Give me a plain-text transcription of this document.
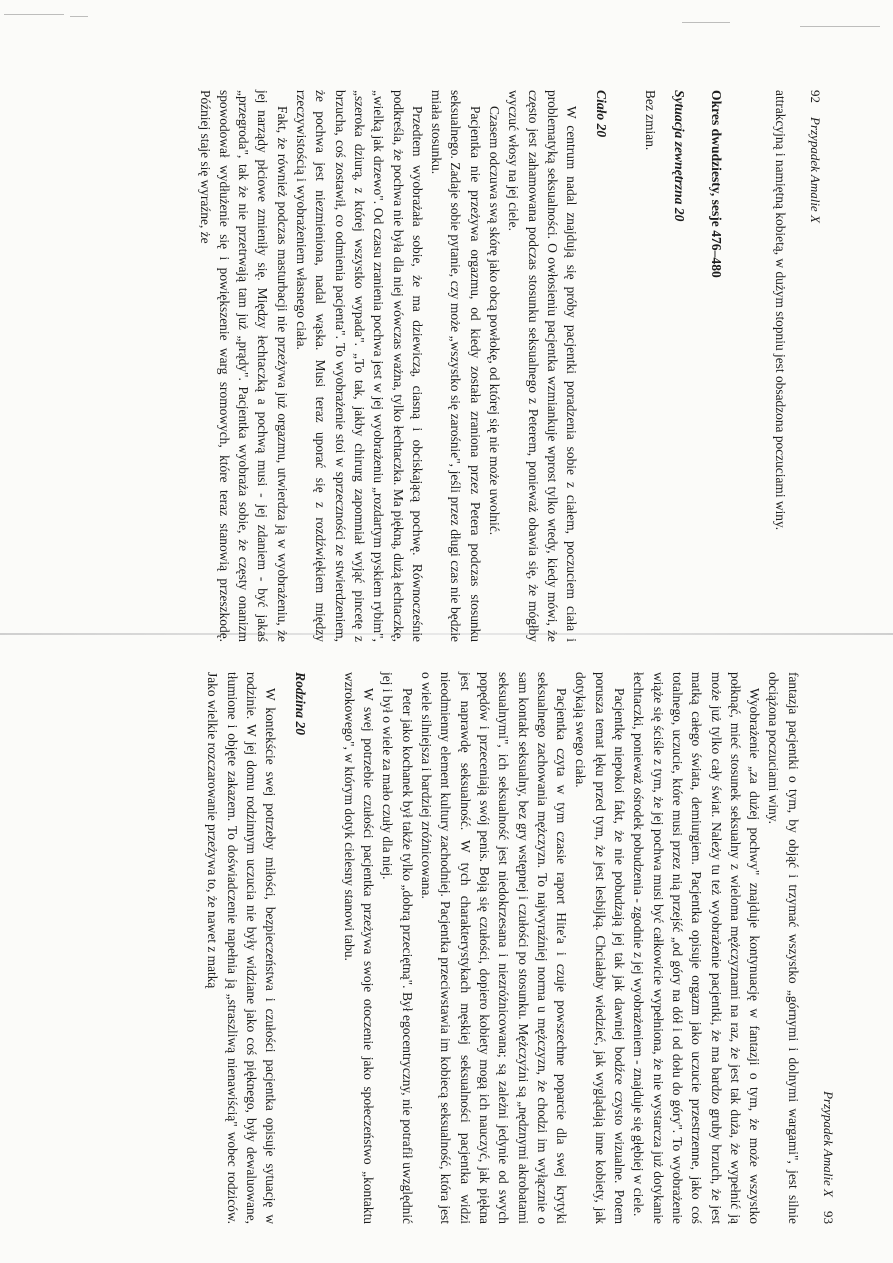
92
Przypadek Amalie X

attrakcyjną i namiętną kobietą, w dużym stopniu jest obsadzona poczuciami winy.

Okres dwudziesty, sesje 476–480
Sytuacja zewnętrzna 20

Bez zmian.

Ciało 20

W centrum nadal znajdują się próby pacjentki poradzenia sobie z ciałem, poczuciem ciała i problematyką seksualności. O owłosieniu pacjentka wzmiankuje wprost tylko wtedy, kiedy mówi, że często jest zahamowana podczas stosunku seksualnego z Peterem, ponieważ obawia się, że mógłby wyczuć włosy na jej ciele.

Czasem odczuwa swą skórę jako obcą powłokę, od której się nie może uwolnić.

Pacjentka nie przeżywa orgazmu, od kiedy została zraniona przez Petera podczas stosunku seksualnego. Zadaje sobie pytanie, czy może „wszystko się zarośnie", jeśli przez długi czas nie będzie miała stosunku.

Przedtem wyobrażała sobie, że ma dziewiczą, ciasną i obciskającą pochwę. Równocześnie podkreśla, że pochwa nie była dla niej wówczas ważna, tylko łechtaczka. Ma piękną, dużą łechtaczkę, „wielką jak drzewo". Od czasu zranienia pochwa jest w jej wyobrażeniu „rozdartym pyskiem rybim", „szeroka dziurą, z której wszystko wypada". „To tak, jakby chirurg zapomniał wyjąć pincetę z brzucha, coś zostawił, co odmienia pacjenta". To wyobrażenie stoi w sprzeczności ze stwierdzeniem, że pochwa jest niezmieniona, nadal wąska. Musi teraz uporać się z rozdźwiękiem między rzeczywistością i wyobrażeniem własnego ciała.

Fakt, że również podczas masturbacji nie przeżywa już orgazmu, utwierdza ją w wyobrażeniu, że jej narządy płciowe zmieniły się. Między łechtaczką a pochwą musi - jej zdaniem - być jakaś „przegroda", tak że nie przetrwają tam już „prądy". Pacjentka wyobraża sobie, że częsty onanizm spowodował wydłużenie się i powiększenie warg sromowych, które teraz stanowią przeszkodę. Później staje się wyraźne, że

Przypadek Amalie X
93

fantazja pacjentki o tym, by objąć i trzymać wszystko „górnymi i dolnymi wargami", jest silnie obciążona poczuciami winy.

Wyobrażenie „za dużej pochwy" znajduje kontynuację w fantazji o tym, że może wszystko połknąć, mieć stosunek seksualny z wieloma mężczyznami na raz, że jest tak duża, że wypełnić ją może już tylko cały świat. Należy tu też wyobrażenie pacjentki, że ma bardzo gruby brzuch, że jest matką całego świata, demiurgiem. Pacjentka opisuje orgazm jako uczucie przestrzenne, jako coś totalnego, uczucie, które musi przez nią przejść „od góry na dół i od dołu do góry". To wyobrażenie wiąże się ściśle z tym, że jej pochwa musi być całkowicie wypełniona, że nie wystarcza już dotykanie łechtaczki, ponieważ ośrodek pobudzenia - zgodnie z jej wyobrażeniem - znajduje się głębiej w ciele.

Pacjentkę niepokoi fakt, że nie pobudzają jej tak jak dawniej bodźce czysto wizualne. Potem porusza temat lęku przed tym, że jest lesbijką. Chciałaby wiedzieć, jak wyglądają inne kobiety, jak dotykają swego ciała.

Pacjentka czyta w tym czasie raport Hite'a i czuje powszechne poparcie dla swej krytyki seksualnego zachowania mężczyzn. To najwyraźniej norma u mężczyzn, że chodzi im wyłącznie o sam kontakt seksualny, bez gry wstępnej i czułości po stosunku. Mężczyźni są „nędznymi akrobatami seksualnymi", ich seksualność jest niedokrzesana i niezróżnicowana; są zależni jedynie od swych popędów i przeceniają swój penis. Boją się czułości, dopiero kobiety mogą ich nauczyć, jak piękna jest naprawdę seksualność. W tych charakterystykach męskiej seksualności pacjentka widzi nieodmienny element kultury zachodniej. Pacjentka przeciwstawia im kobiecą seksualność, która jest o wiele silniejsza i bardziej zróżnicowana.

Peter jako kochanek był także tylko „dobrą przeciętną". Był egocentryczny, nie potrafił uwzględnić jej i był o wiele za mało czuły dla niej.

W swej potrzebie czułości pacjentka przeżywa swoje otoczenie jako społeczeństwo „kontaktu wzrokowego", w którym dotyk cielesny stanowi tabu.

Rodzina 20

W kontekście swej potrzeby miłości, bezpieczeństwa i czułości pacjentka opisuje sytuację w rodzinie. W jej domu rodzinnym uczucia nie były widziane jako coś pięknego, były dewaluowane, tłumione i objęte zakazem. To doświadczenie napełnia ją „straszliwą nienawiścią" wobec rodziców. Jako wielkie rozczarowanie przeżywa to, że nawet z matką
